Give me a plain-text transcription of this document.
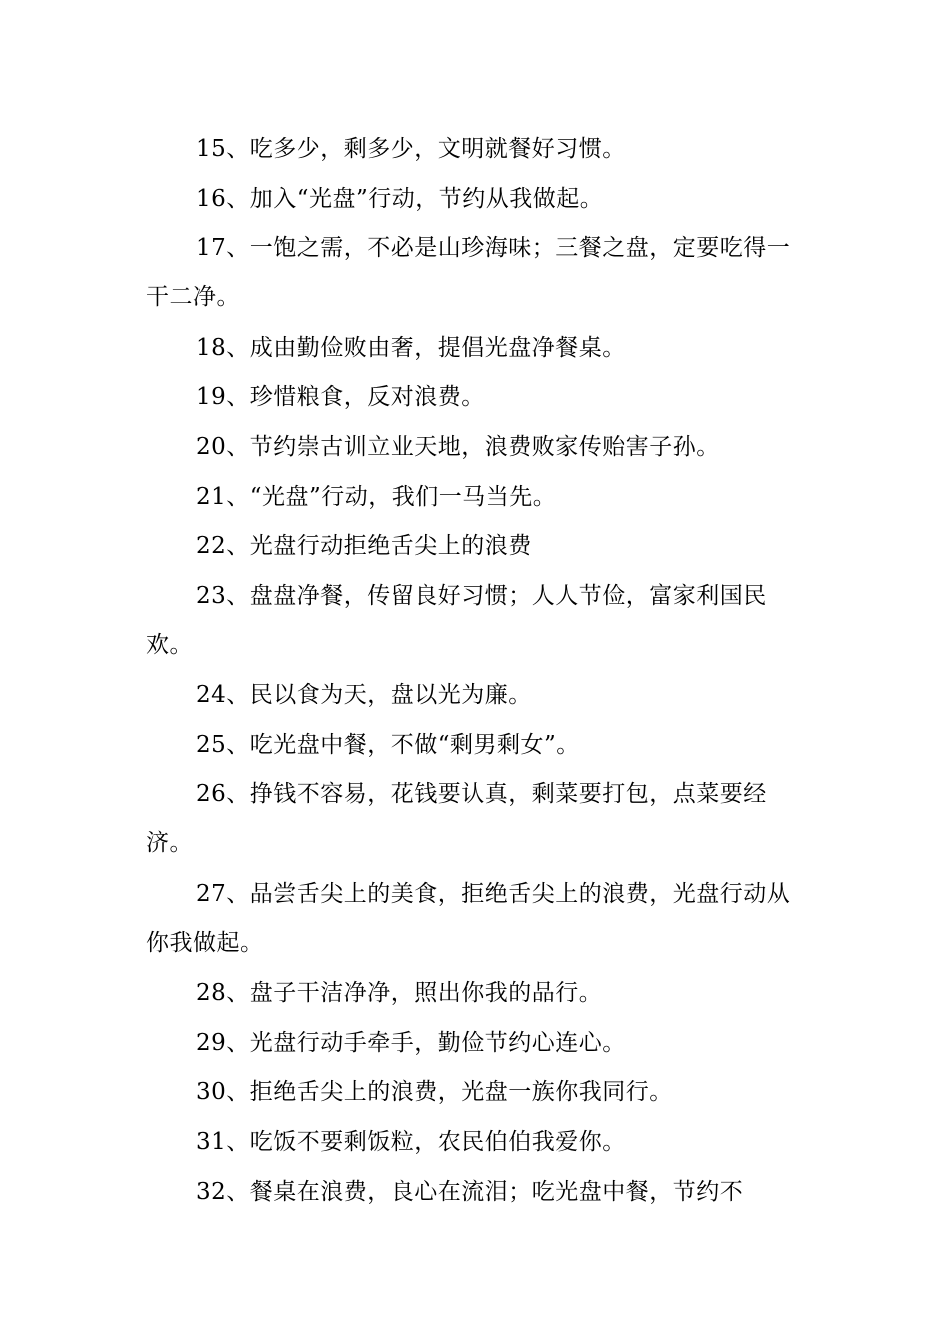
15、吃多少，剩多少，文明就餐好习惯。

16、加入“光盘”行动，节约从我做起。

17、一饱之需，不必是山珍海味；三餐之盘，定要吃得一干二净。

18、成由勤俭败由奢，提倡光盘净餐桌。

19、珍惜粮食，反对浪费。

20、节约崇古训立业天地，浪费败家传贻害子孙。

21、“光盘”行动，我们一马当先。

22、光盘行动拒绝舌尖上的浪费

23、盘盘净餐，传留良好习惯；人人节俭，富家利国民欢。

24、民以食为天，盘以光为廉。

25、吃光盘中餐，不做“剩男剩女”。

26、挣钱不容易，花钱要认真，剩菜要打包，点菜要经济。

27、品尝舌尖上的美食，拒绝舌尖上的浪费，光盘行动从你我做起。

28、盘子干洁净净，照出你我的品行。

29、光盘行动手牵手，勤俭节约心连心。

30、拒绝舌尖上的浪费，光盘一族你我同行。

31、吃饭不要剩饭粒，农民伯伯我爱你。

32、餐桌在浪费，良心在流泪；吃光盘中餐，节约不
